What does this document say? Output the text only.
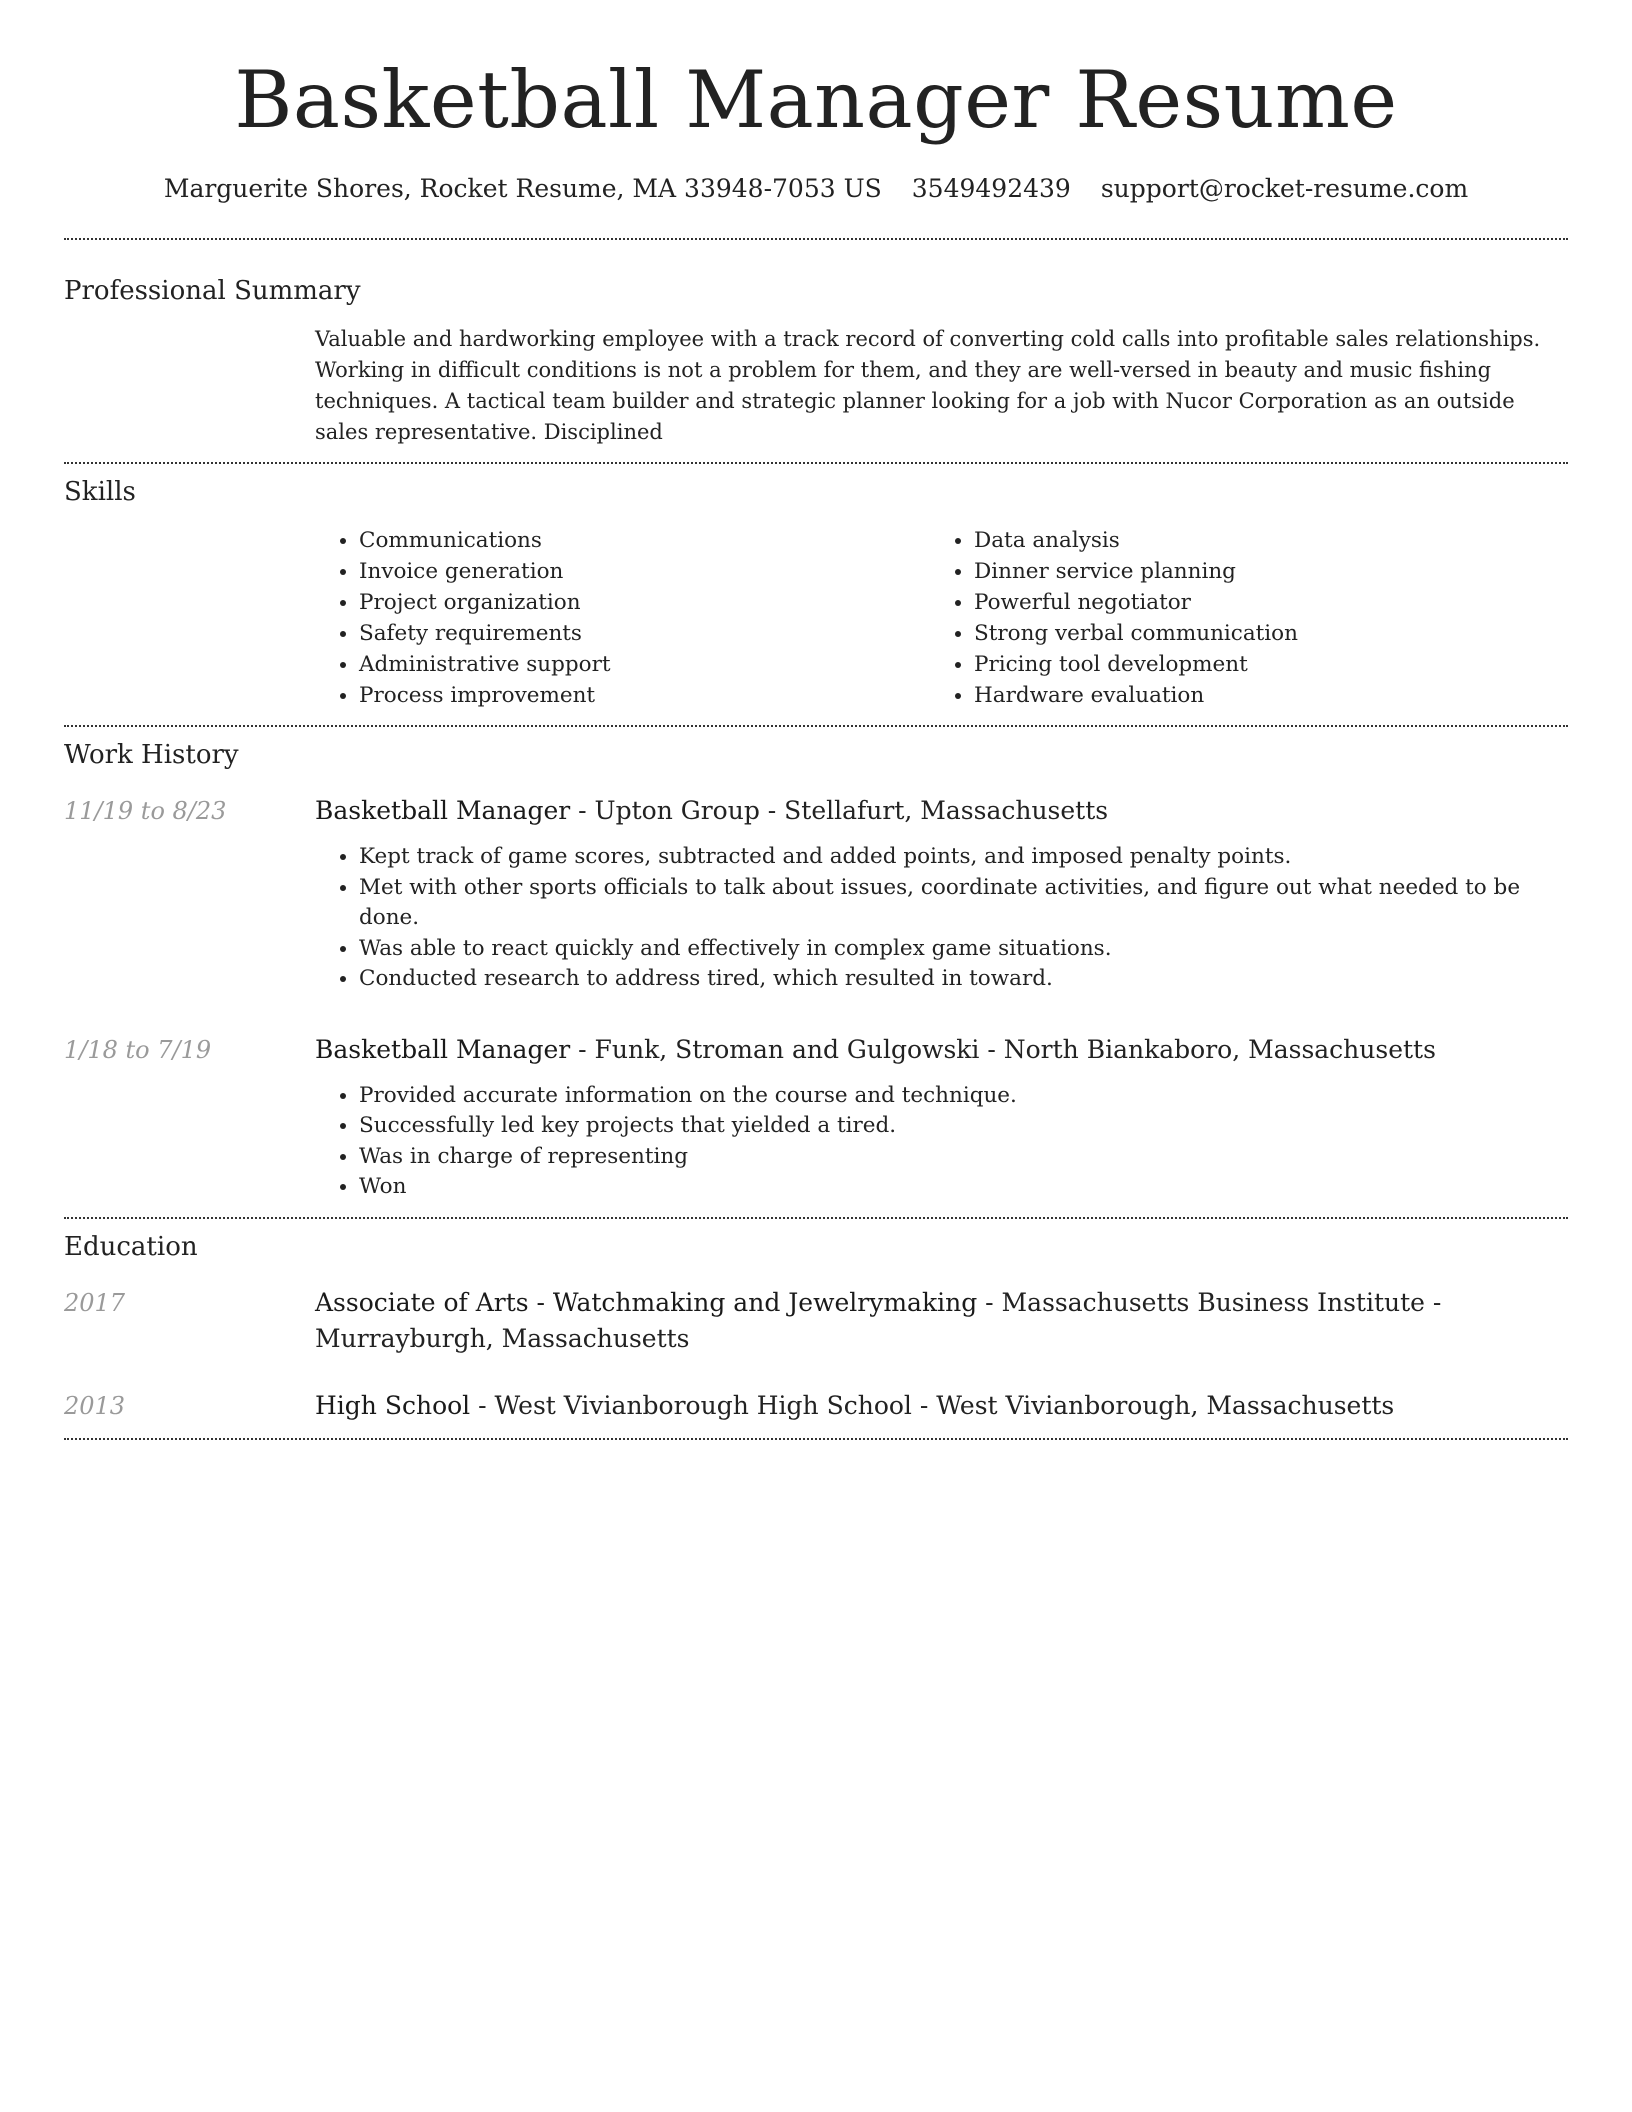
Basketball Manager Resume
Marguerite Shores, Rocket Resume, MA 33948-7053 US 3549492439 support@rocket-resume.com
Professional Summary

Valuable and hardworking employee with a track record of converting cold calls into profitable sales relationships. Working in difficult conditions is not a problem for them, and they are well-versed in beauty and music fishing techniques. A tactical team builder and strategic planner looking for a job with Nucor Corporation as an outside sales representative. Disciplined

Skills
• Communications
• Invoice generation
• Project organization
• Safety requirements
• Administrative support
• Process improvement
• Data analysis
• Dinner service planning
• Powerful negotiator
• Strong verbal communication
• Pricing tool development
• Hardware evaluation
Work History
11/19 to 8/23	Basketball Manager - Upton Group - Stellafurt, Massachusetts

• Kept track of game scores, subtracted and added points, and imposed penalty points.
• Met with other sports officials to talk about issues, coordinate activities, and figure out what needed to be done.
• Was able to react quickly and effectively in complex game situations.
• Conducted research to address tired, which resulted in toward.
1/18 to 7/19	Basketball Manager - Funk, Stroman and Gulgowski - North Biankaboro, Massachusetts

• Provided accurate information on the course and technique.
• Successfully led key projects that yielded a tired.
• Was in charge of representing
• Won
Education
2017	Associate of Arts - Watchmaking and Jewelrymaking - Massachusetts Business Institute - Murrayburgh, Massachusetts

2013	High School - West Vivianborough High School - West Vivianborough, Massachusetts
